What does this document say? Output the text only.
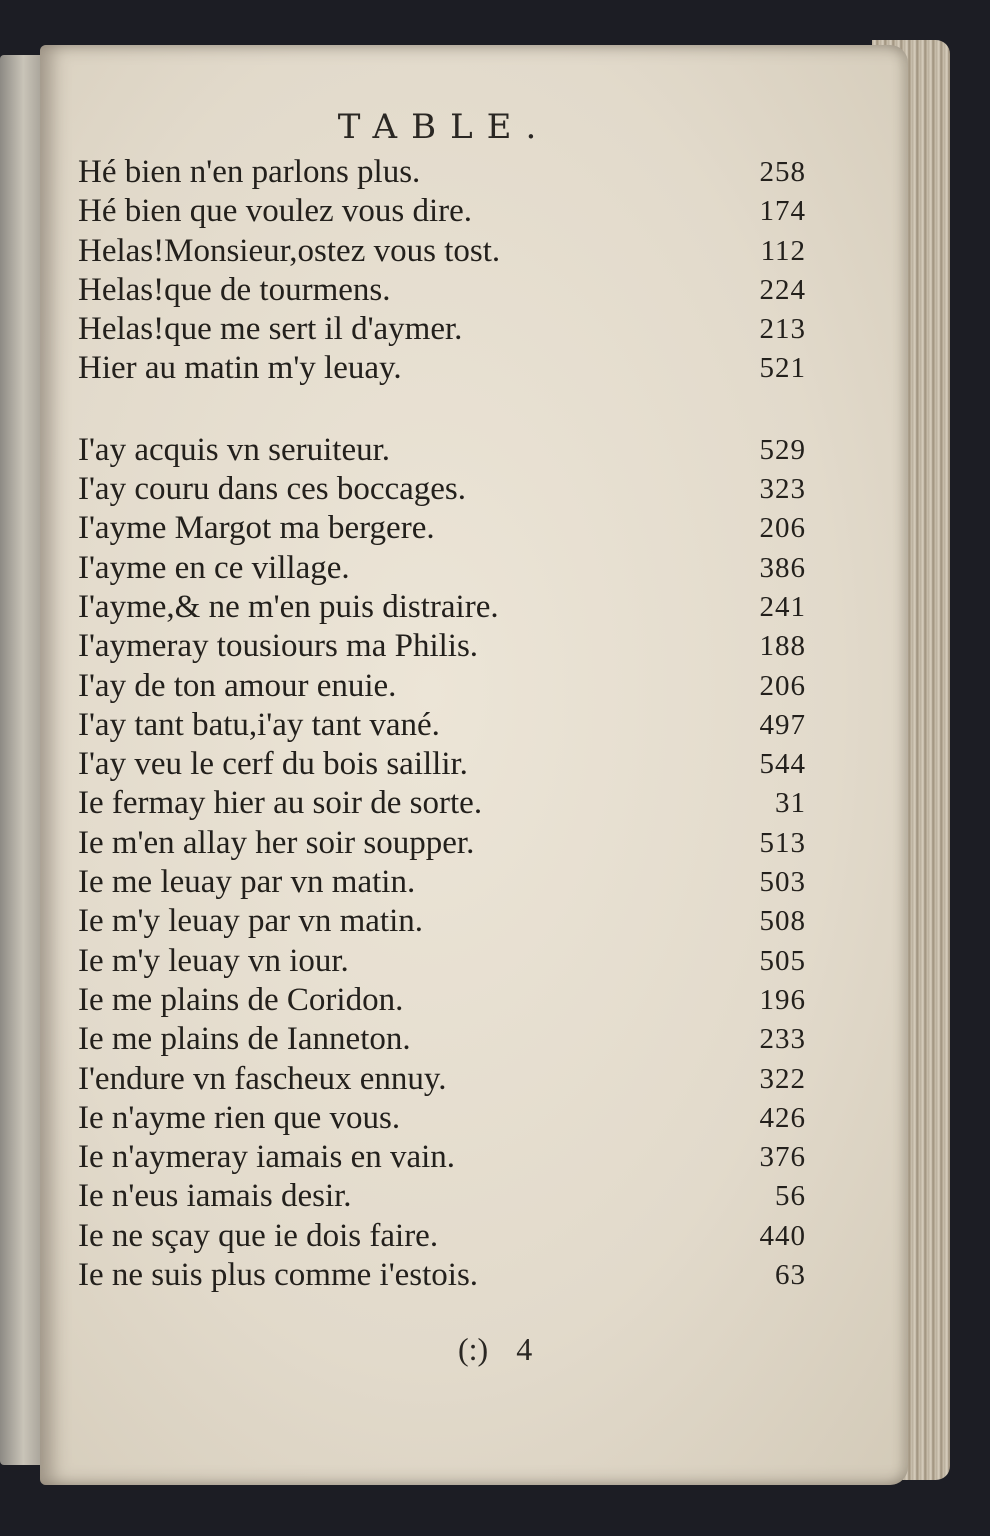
TABLE.
Hé bien n'en parlons plus.	258
Hé bien que voulez vous dire.	174
Helas!Monsieur,ostez vous tost.	112
Helas!que de tourmens.	224
Helas!que me sert il d'aymer.	213
Hier au matin m'y leuay.	521
I'ay acquis vn seruiteur.	529
I'ay couru dans ces boccages.	323
I'ayme Margot ma bergere.	206
I'ayme en ce village.	386
I'ayme,& ne m'en puis distraire.	241
I'aymeray tousiours ma Philis.	188
I'ay de ton amour enuie.	206
I'ay tant batu,i'ay tant vané.	497
I'ay veu le cerf du bois saillir.	544
Ie fermay hier au soir de sorte.	31
Ie m'en allay her soir soupper.	513
Ie me leuay par vn matin.	503
Ie m'y leuay par vn matin.	508
Ie m'y leuay vn iour.	505
Ie me plains de Coridon.	196
Ie me plains de Ianneton.	233
I'endure vn fascheux ennuy.	322
Ie n'ayme rien que vous.	426
Ie n'aymeray iamais en vain.	376
Ie n'eus iamais desir.	56
Ie ne sçay que ie dois faire.	440
Ie ne suis plus comme i'estois.	63
(:) 4
